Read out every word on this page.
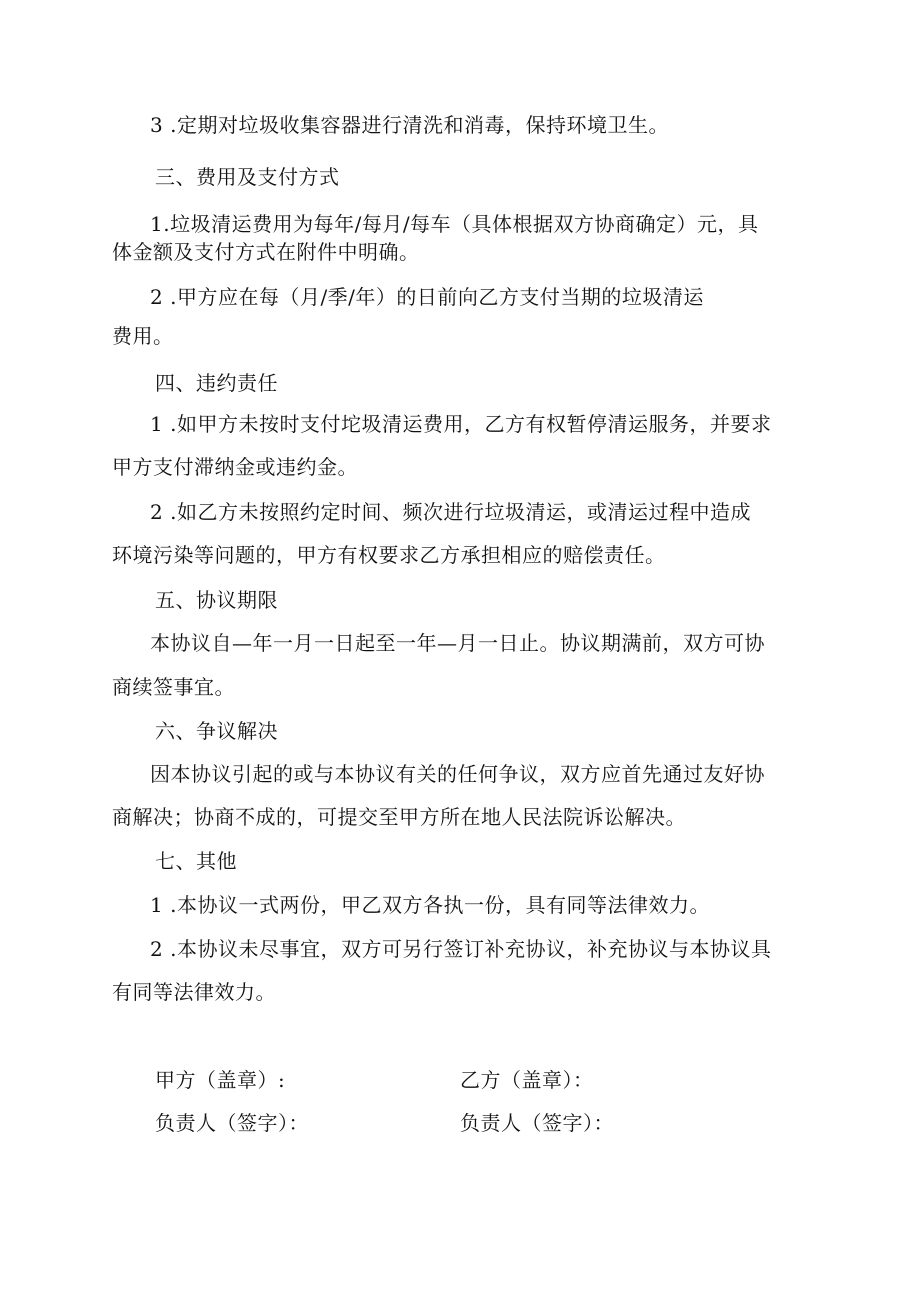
3 .定期对垃圾收集容器进行清洗和消毒，保持环境卫生。
三、费用及支付方式
1.垃圾清运费用为每年/每月/每车（具体根据双方协商确定）元，具
体金额及支付方式在附件中明确。
2 .甲方应在每（月/季/年）的日前向乙方支付当期的垃圾清运
费用。
四、违约责任
1 .如甲方未按时支付坨圾清运费用，乙方有权暂停清运服务，并要求
甲方支付滞纳金或违约金。
2 .如乙方未按照约定时间、频次进行垃圾清运，或清运过程中造成
环境污染等问题的，甲方有权要求乙方承担相应的赔偿责任。
五、协议期限
本协议自—年一月一日起至一年—月一日止。协议期满前，双方可协
商续签事宜。
六、争议解决
因本协议引起的或与本协议有关的任何争议，双方应首先通过友好协
商解决；协商不成的，可提交至甲方所在地人民法院诉讼解决。
七、其他
1 .本协议一式两份，甲乙双方各执一份，具有同等法律效力。
2 .本协议未尽事宜，双方可另行签订补充协议，补充协议与本协议具
有同等法律效力。
甲方（盖章）:	乙方（盖章）：
负责人（签字）：	负责人（签字）：
